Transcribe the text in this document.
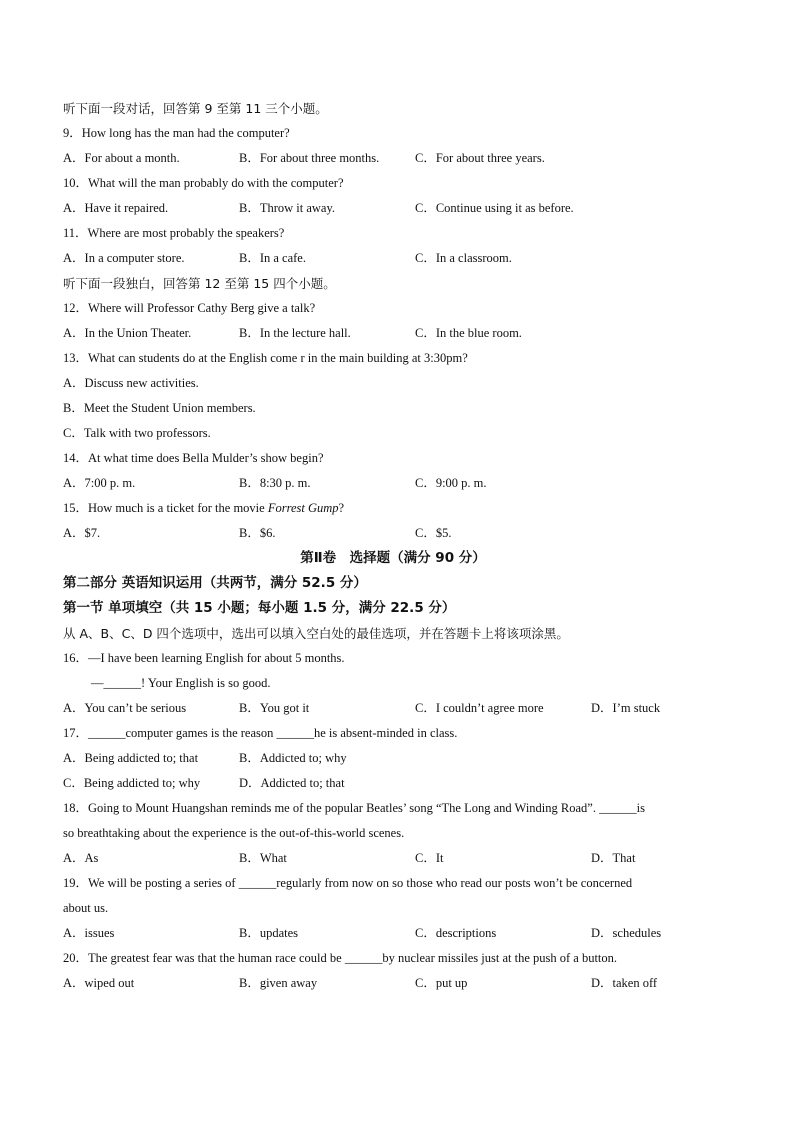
听下面一段对话，回答第 9 至第 11 三个小题。
9．How long has the man had the computer?
A．For about a month.	B．For about three months.	C．For about three years.
10．What will the man probably do with the computer?
A．Have it repaired.	B．Throw it away.	C．Continue using it as before.
11．Where are most probably the speakers?
A．In a computer store.	B．In a cafe.	C．In a classroom.
听下面一段独白，回答第 12 至第 15 四个小题。
12．Where will Professor Cathy Berg give a talk?
A．In the Union Theater.	B．In the lecture hall.	C．In the blue room.
13．What can students do at the English come r in the main building at 3:30pm?
A．Discuss new activities.
B．Meet the Student Union members.
C．Talk with two professors.
14．At what time does Bella Mulder’s show begin?
A．7:00 p. m.	B．8:30 p. m.	C．9:00 p. m.
15．How much is a ticket for the movie Forrest Gump?
A．$7.	B．$6.	C．$5.
第Ⅱ卷　选择题（满分 90 分）
第二部分 英语知识运用（共两节，满分 52.5 分）
第一节 单项填空（共 15 小题；每小题 1.5 分，满分 22.5 分）
从 A、B、C、D 四个选项中，选出可以填入空白处的最佳选项，并在答题卡上将该项涂黑。
16．—I have been learning English for about 5 months.
—______! Your English is so good.
A．You can’t be serious	B．You got it	C．I couldn’t agree more	D．I’m stuck
17．______computer games is the reason ______he is absent-minded in class.
A．Being addicted to; that	B．Addicted to; why
C．Being addicted to; why	D．Addicted to; that
18．Going to Mount Huangshan reminds me of the popular Beatles’ song “The Long and Winding Road”. ______is
so breathtaking about the experience is the out-of-this-world scenes.
A．As	B．What	C．It	D．That
19．We will be posting a series of ______regularly from now on so those who read our posts won’t be concerned
about us.
A．issues	B．updates	C．descriptions	D．schedules
20．The greatest fear was that the human race could be ______by nuclear missiles just at the push of a button.
A．wiped out	B．given away	C．put up	D．taken off
